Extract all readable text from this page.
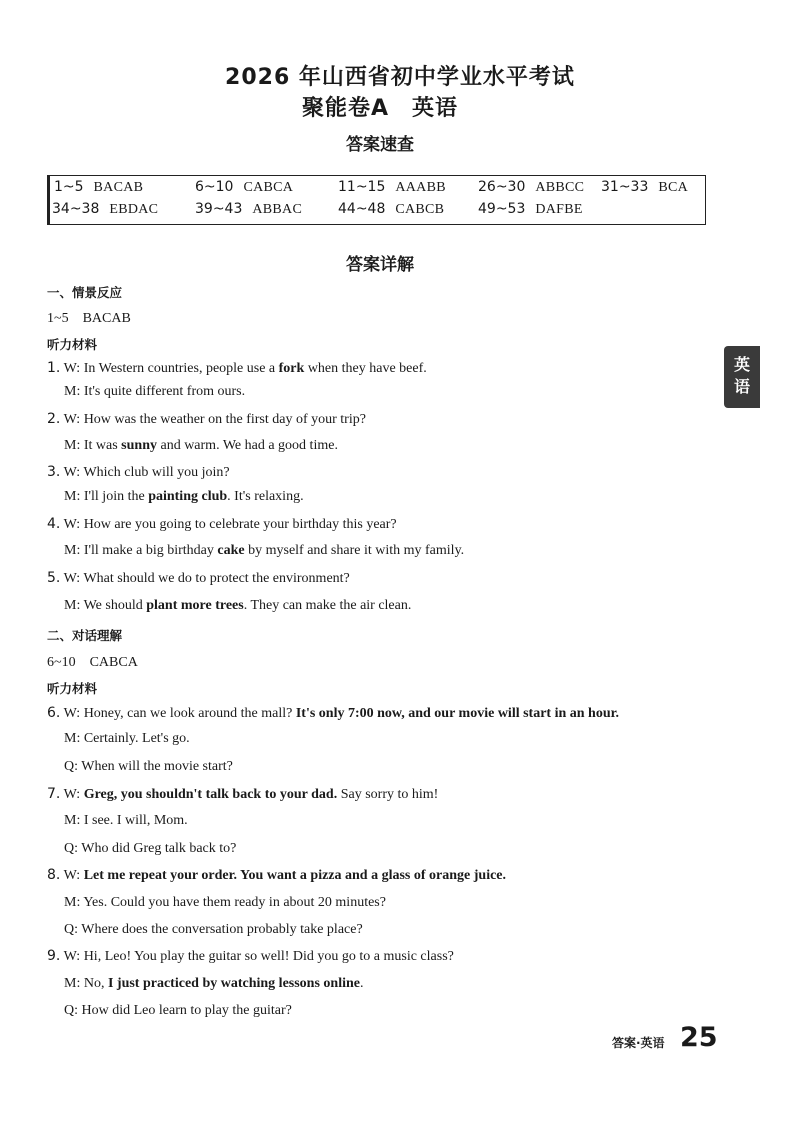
2026 年山西省初中学业水平考试
聚能卷A　英语
答案速查
1~5 BACAB	6~10 CABCA	11~15 AAABB 26~30 ABBCC 31~33 BCA
34~38 EBDAC	39~43 ABBAC	44~48 CABCB 49~53 DAFBE
答案详解
一、情景反应
1~5　BACAB
听力材料
1. W: In Western countries, people use a fork when they have beef.
M: It's quite different from ours.
2. W: How was the weather on the first day of your trip?
M: It was sunny and warm. We had a good time.
3. W: Which club will you join?
M: I'll join the painting club. It's relaxing.
4. W: How are you going to celebrate your birthday this year?
M: I'll make a big birthday cake by myself and share it with my family.
5. W: What should we do to protect the environment?
M: We should plant more trees. They can make the air clean.
二、对话理解
6~10　CABCA
听力材料
6. W: Honey, can we look around the mall? It's only 7:00 now, and our movie will start in an hour.
M: Certainly. Let's go.
Q: When will the movie start?
7. W: Greg, you shouldn't talk back to your dad. Say sorry to him!
M: I see. I will, Mom.
Q: Who did Greg talk back to?
8. W: Let me repeat your order. You want a pizza and a glass of orange juice.
M: Yes. Could you have them ready in about 20 minutes?
Q: Where does the conversation probably take place?
9. W: Hi, Leo! You play the guitar so well! Did you go to a music class?
M: No, I just practiced by watching lessons online.
Q: How did Leo learn to play the guitar?
英
语
答案·英语 25
